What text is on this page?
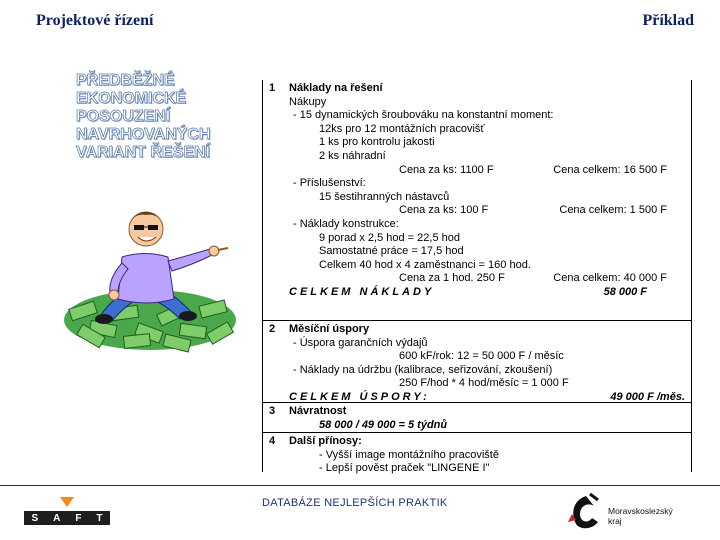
Projektové řízení	Příklad
PŘEDBĚŽNÉ
EKONOMICKÉ
POSOUZENÍ
NAVRHOVANÝCH
VARIANT ŘEŠENÍ
1 Náklady na řešení
Nákupy
- 15 dynamických šroubováku na konstantní moment:
12ks pro 12 montážních pracovišť
1 ks pro kontrolu jakosti
2 ks náhradní
Cena za ks: 1100 F	Cena celkem: 16 500 F
- Příslušenství:
15 šestihranných nástavců
Cena za ks: 100 F	Cena celkem: 1 500 F
- Náklady konstrukce:
9 porad x 2,5 hod = 22,5 hod
Samostatné práce = 17,5 hod
Celkem 40 hod x 4 zaměstnanci = 160 hod.
Cena za 1 hod. 250 F	Cena celkem: 40 000 F
CELKEM NÁKLADY	58 000 F
2 Měsíční úspory
- Úspora garančních výdajů
600 kF/rok: 12 = 50 000 F / měsíc
- Náklady na údržbu (kalibrace, seřizování, zkoušení)
250 F/hod * 4 hod/měsíc = 1 000 F
CELKEM ÚSPORY:	49 000 F /měs.
3 Návratnost
58 000 / 49 000 = 5 týdnů
4 Další přínosy:
- Vyšší image montážního pracoviště
- Lepší pověst praček "LINGENE I"
S A F T
DATABÁZE NEJLEPŠÍCH PRAKTIK
Moravskoslezský
kraj
